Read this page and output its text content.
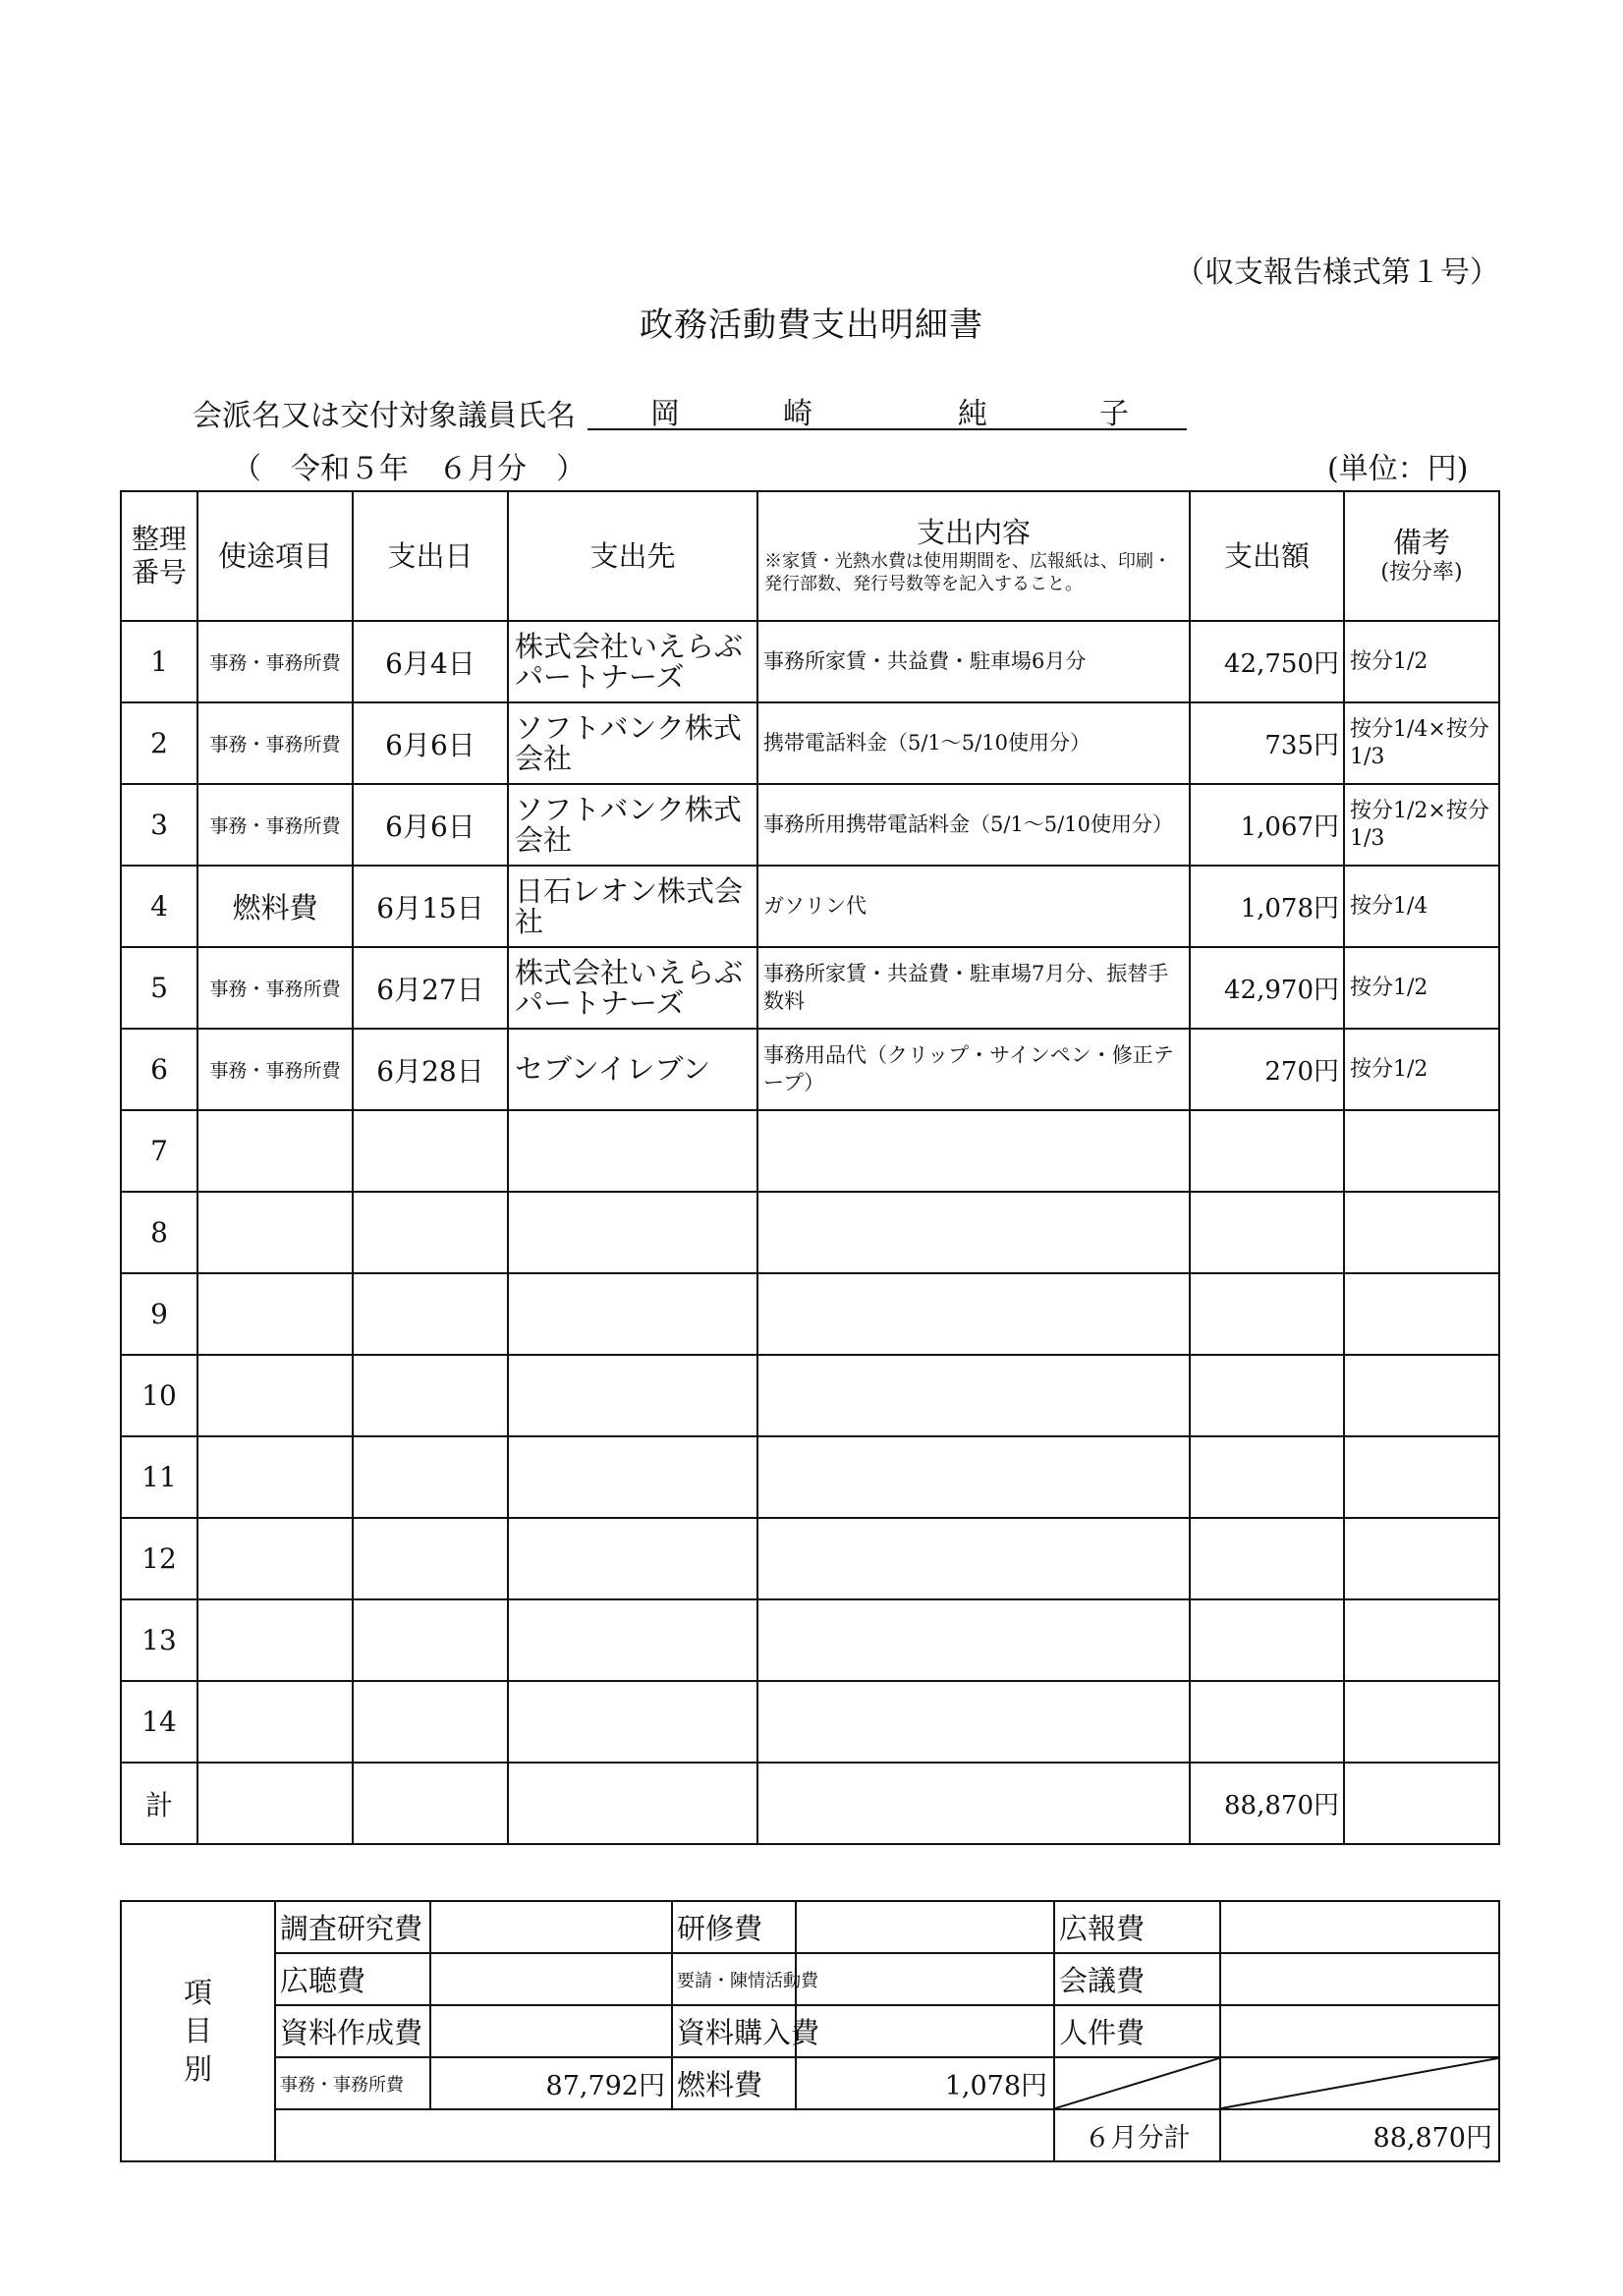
（収支報告様式第１号）
政務活動費支出明細書
会派名又は交付対象議員氏名	岡	崎	純	子
（　令和５年　６月分　）	(単位：円)
整理番号	使途項目	支出日	支出先	支出内容
※家賃・光熱水費は使用期間を、広報紙は、印刷・発行部数、発行号数等を記入すること。	支出額	備考
(按分率)

1	事務・事務所費	6月4日	株式会社いえらぶパートナーズ	事務所家賃・共益費・駐車場6月分	42,750円	按分1/2
2	事務・事務所費	6月6日	ソフトバンク株式会社	携帯電話料金（5/1～5/10使用分）	735円	按分1/4×按分1/3
3	事務・事務所費	6月6日	ソフトバンク株式会社	事務所用携帯電話料金（5/1～5/10使用分）	1,067円	按分1/2×按分1/3
4	燃料費	6月15日	日石レオン株式会社	ガソリン代	1,078円	按分1/4
5	事務・事務所費	6月27日	株式会社いえらぶパートナーズ	事務所家賃・共益費・駐車場7月分、振替手数料	42,970円	按分1/2
6	事務・事務所費	6月28日	セブンイレブン	事務用品代（クリップ・サインペン・修正テープ）	270円	按分1/2
7						
8						
9						
10						
11						
12						
13						
14						
計					88,870円	
項
目
別	調査研究費		研修費		広報費	
	広聴費		要請・陳情活動費		会議費	
	資料作成費		資料購入費		人件費	
	事務・事務所費	87,792円	燃料費	1,078円	

					６月分計	88,870円
